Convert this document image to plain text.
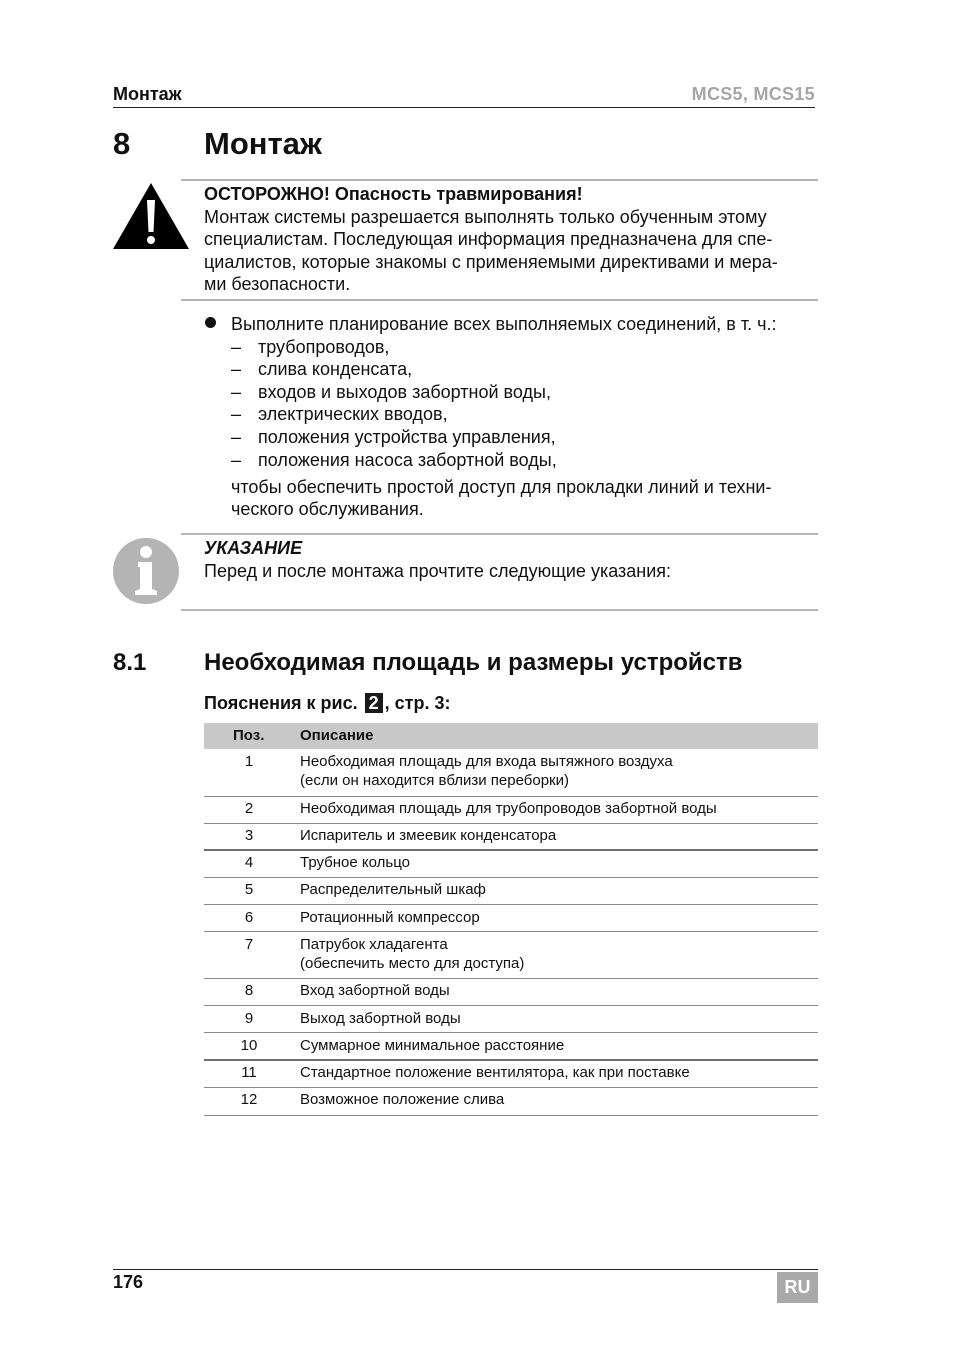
Монтаж	MCS5, MCS15
8 Монтаж
ОСТОРОЖНО! Опасность травмирования!
Монтаж системы разрешается выполнять только обученным этому
специалистам. Последующая информация предназначена для спе-
циалистов, которые знакомы с применяемыми директивами и мера-
ми безопасности.
Выполните планирование всех выполняемых соединений, в т. ч.:
– трубопроводов,
– слива конденсата,
– входов и выходов забортной воды,
– электрических вводов,
– положения устройства управления,
– положения насоса забортной воды,
чтобы обеспечить простой доступ для прокладки линий и техни-
ческого обслуживания.
УКАЗАНИЕ
Перед и после монтажа прочтите следующие указания:
8.1 Необходимая площадь и размеры устройств
Пояснения к рис. 2 , стр. 3:
Поз. Описание
1	Необходимая площадь для входа вытяжного воздуха
(если он находится вблизи переборки)
2	Необходимая площадь для трубопроводов забортной воды
3	Испаритель и змеевик конденсатора
4	Трубное кольцо
5	Распределительный шкаф
6	Ротационный компрессор
7	Патрубок хладагента
(обеспечить место для доступа)
8	Вход забортной воды
9	Выход забортной воды
10	Суммарное минимальное расстояние
11	Стандартное положение вентилятора, как при поставке
12	Возможное положение слива
176	RU
